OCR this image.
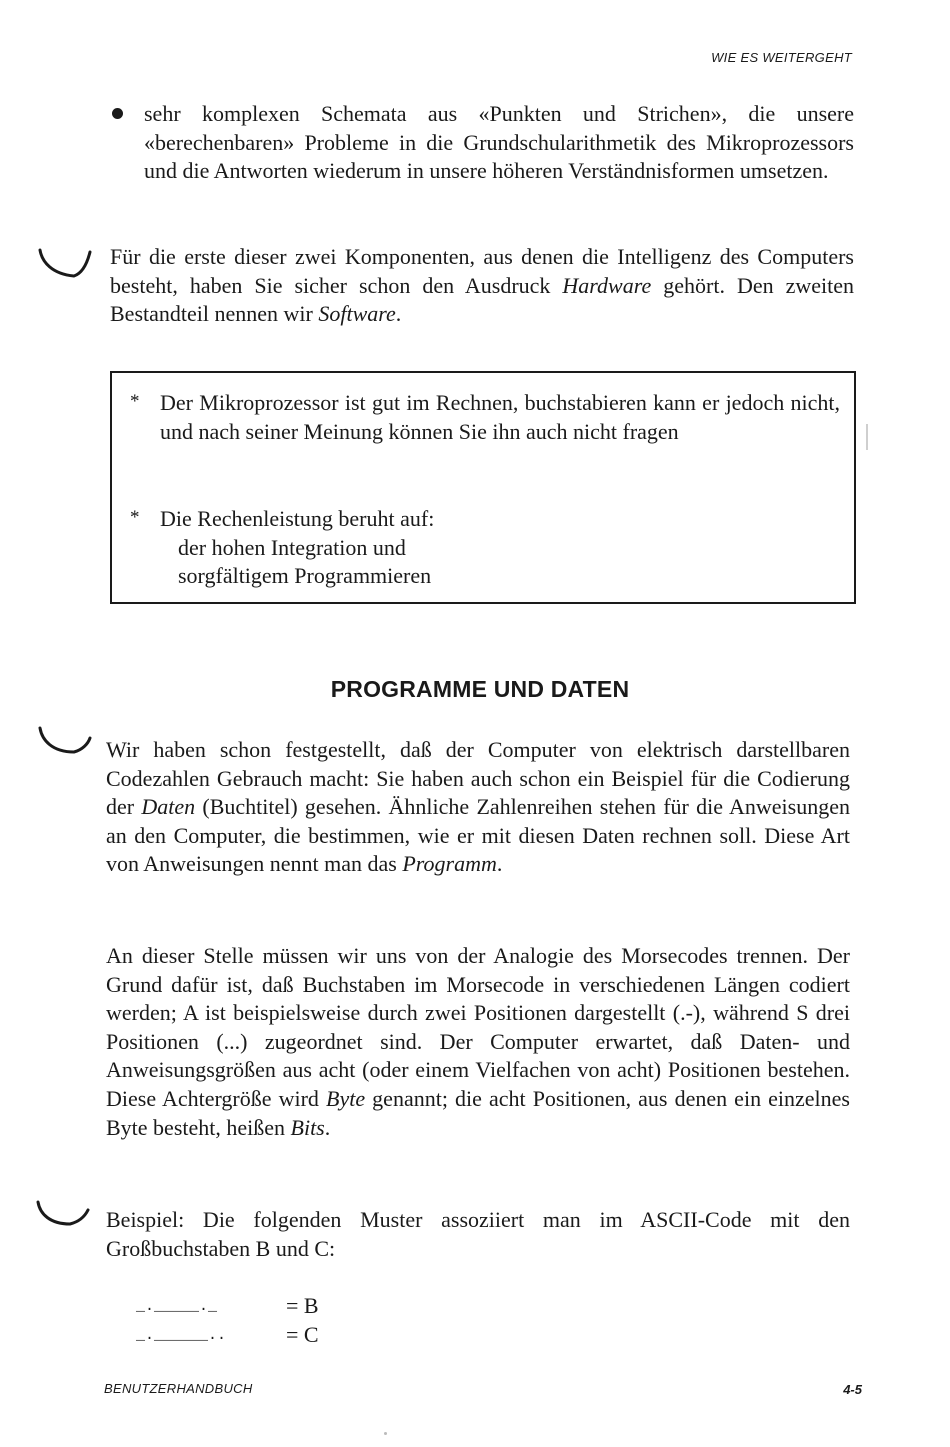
WIE ES WEITERGEHT

sehr komplexen Schemata aus «Punkten und Strichen», die unsere «berechenbaren» Probleme in die Grundschularithmetik des Mikroprozessors und die Antworten wiederum in unsere höheren Verständnisformen umsetzen.

Für die erste dieser zwei Komponenten, aus denen die Intelligenz des Computers besteht, haben Sie sicher schon den Ausdruck Hardware gehört. Den zweiten Bestandteil nennen wir Software.

* Der Mikroprozessor ist gut im Rechnen, buchstabieren kann er jedoch nicht, und nach seiner Meinung können Sie ihn auch nicht fragen
* Die Rechenleistung beruht auf:
der hohen Integration und
sorgfältigem Programmieren
PROGRAMME UND DATEN

Wir haben schon festgestellt, daß der Computer von elektrisch darstellbaren Codezahlen Gebrauch macht: Sie haben auch schon ein Beispiel für die Codierung der Daten (Buchtitel) gesehen. Ähnliche Zahlenreihen stehen für die Anweisungen an den Computer, die bestimmen, wie er mit diesen Daten rechnen soll. Diese Art von Anweisungen nennt man das Programm.

An dieser Stelle müssen wir uns von der Analogie des Morsecodes trennen. Der Grund dafür ist, daß Buchstaben im Morsecode in verschiedenen Längen codiert werden; A ist beispielsweise durch zwei Positionen dargestellt (.-), während S drei Positionen (...) zugeordnet sind. Der Computer erwartet, daß Daten- und Anweisungsgrößen aus acht (oder einem Vielfachen von acht) Positionen bestehen. Diese Achtergröße wird Byte genannt; die acht Positionen, aus denen ein einzelnes Byte besteht, heißen Bits.

Beispiel: Die folgenden Muster assoziiert man im ASCII-Code mit den Großbuchstaben B und C:

_._____._	= B
_.______..	= C
BENUTZERHANDBUCH	4-5
